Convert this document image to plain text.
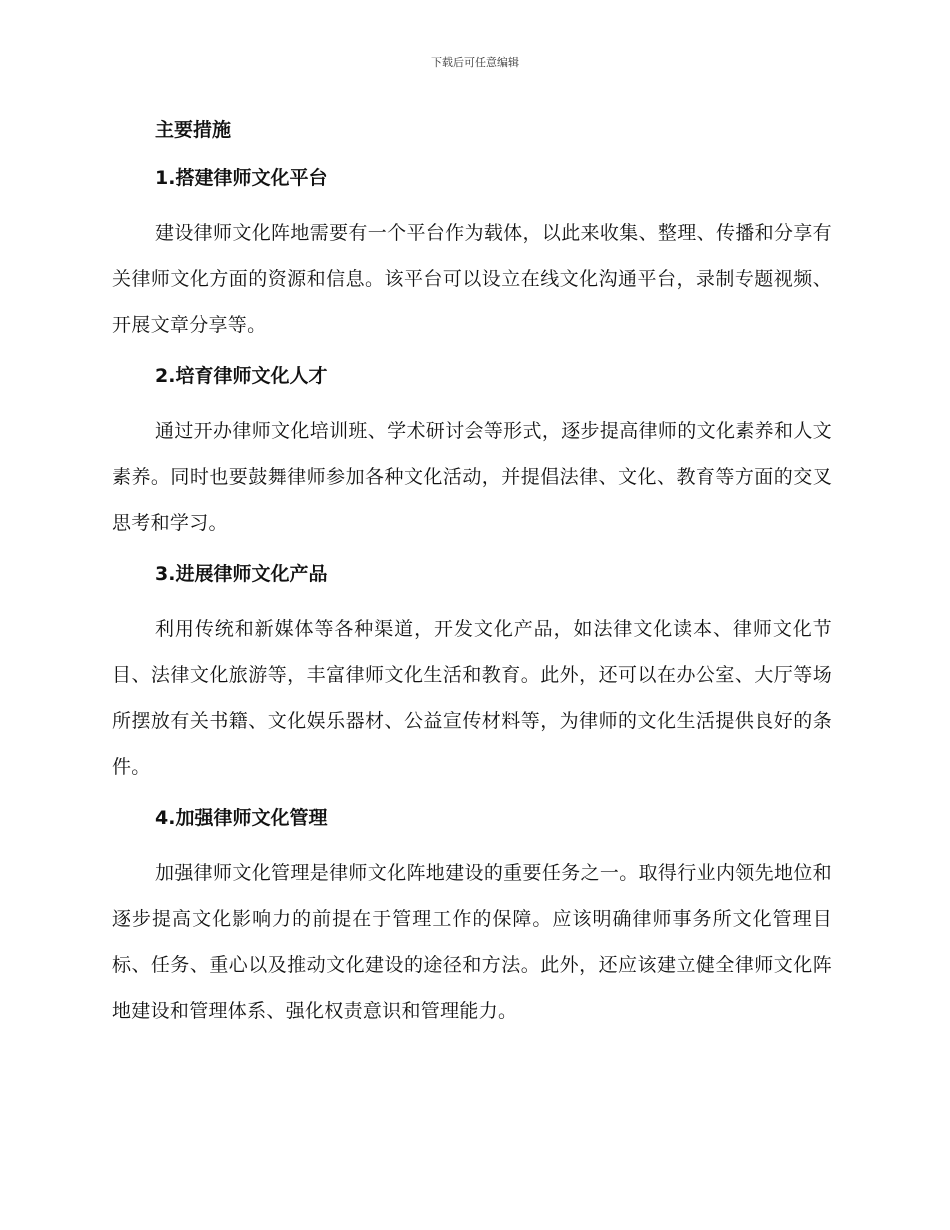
下载后可任意编辑
主要措施
1.搭建律师文化平台

建设律师文化阵地需要有一个平台作为载体，以此来收集、整理、传播和分享有关律师文化方面的资源和信息。该平台可以设立在线文化沟通平台，录制专题视频、开展文章分享等。

2.培育律师文化人才

通过开办律师文化培训班、学术研讨会等形式，逐步提高律师的文化素养和人文素养。同时也要鼓舞律师参加各种文化活动，并提倡法律、文化、教育等方面的交叉思考和学习。

3.进展律师文化产品

利用传统和新媒体等各种渠道，开发文化产品，如法律文化读本、律师文化节目、法律文化旅游等，丰富律师文化生活和教育。此外，还可以在办公室、大厅等场所摆放有关书籍、文化娱乐器材、公益宣传材料等，为律师的文化生活提供良好的条件。

4.加强律师文化管理

加强律师文化管理是律师文化阵地建设的重要任务之一。取得行业内领先地位和逐步提高文化影响力的前提在于管理工作的保障。应该明确律师事务所文化管理目标、任务、重心以及推动文化建设的途径和方法。此外，还应该建立健全律师文化阵地建设和管理体系、强化权责意识和管理能力。
